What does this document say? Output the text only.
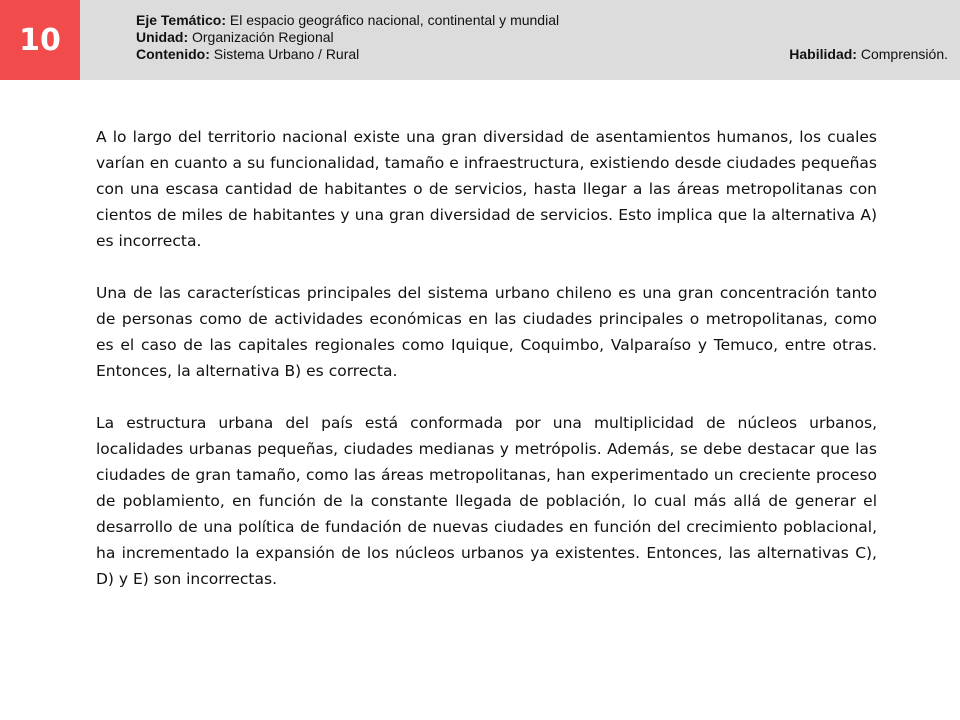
10
Eje Temático: El espacio geográfico nacional, continental y mundial
Unidad: Organización Regional
Contenido: Sistema Urbano / Rural	Habilidad: Comprensión.

A lo largo del territorio nacional existe una gran diversidad de asentamientos humanos, los cuales varían en cuanto a su funcionalidad, tamaño e infraestructura, existiendo desde ciudades pequeñas con una escasa cantidad de habitantes o de servicios, hasta llegar a las áreas metropolitanas con cientos de miles de habitantes y una gran diversidad de servicios. Esto implica que la alternativa A) es incorrecta.

Una de las características principales del sistema urbano chileno es una gran concentración tanto de personas como de actividades económicas en las ciudades principales o metropolitanas, como es el caso de las capitales regionales como Iquique, Coquimbo, Valparaíso y Temuco, entre otras. Entonces, la alternativa B) es correcta.

La estructura urbana del país está conformada por una multiplicidad de núcleos urbanos, localidades urbanas pequeñas, ciudades medianas y metrópolis. Además, se debe destacar que las ciudades de gran tamaño, como las áreas metropolitanas, han experimentado un creciente proceso de poblamiento, en función de la constante llegada de población, lo cual más allá de generar el desarrollo de una política de fundación de nuevas ciudades en función del crecimiento poblacional, ha incrementado la expansión de los núcleos urbanos ya existentes. Entonces, las alternativas C), D) y E) son incorrectas.
